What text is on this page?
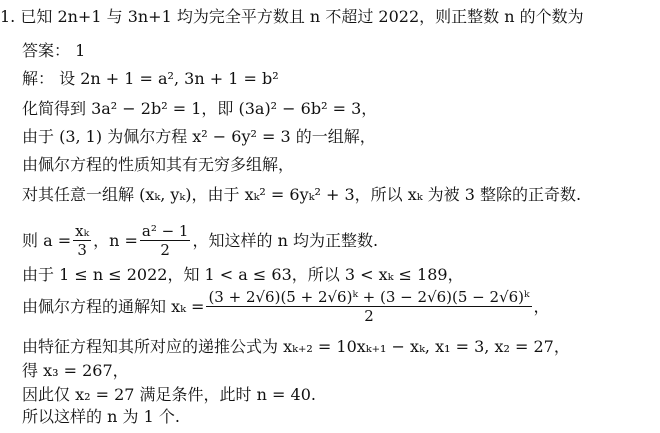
1. 已知 2n+1 与 3n+1 均为完全平方数且 n 不超过 2022，则正整数 n 的个数为
答案： 1
解： 设 2n + 1 = a², 3n + 1 = b²
化简得到 3a² − 2b² = 1，即 (3a)² − 6b² = 3，
由于 (3, 1) 为佩尔方程 x² − 6y² = 3 的一组解，
由佩尔方程的性质知其有无穷多组解，
对其任意一组解 (xₖ, yₖ)，由于 xₖ² = 6yₖ² + 3，所以 xₖ 为被 3 整除的正奇数.
则 $a = \frac{\text{xₖ}}{3}$ ，$n = \frac{\text{a² − 1}}{2}$ ，知这样的 n 均为正整数.
由于 1 ≤ n ≤ 2022，知 1 < a ≤ 63，所以 3 < xₖ ≤ 189，
由佩尔方程的通解知 $x_k = \frac{\text{(3 + 2√6)(5 + 2√6)ᵏ + (3 − 2√6)(5 − 2√6)ᵏ}}{2}$ ，
由特征方程知其所对应的递推公式为 xₖ₊₂ = 10xₖ₊₁ − xₖ, x₁ = 3, x₂ = 27，
得 x₃ = 267，
因此仅 x₂ = 27 满足条件，此时 n = 40.
所以这样的 n 为 1 个.
